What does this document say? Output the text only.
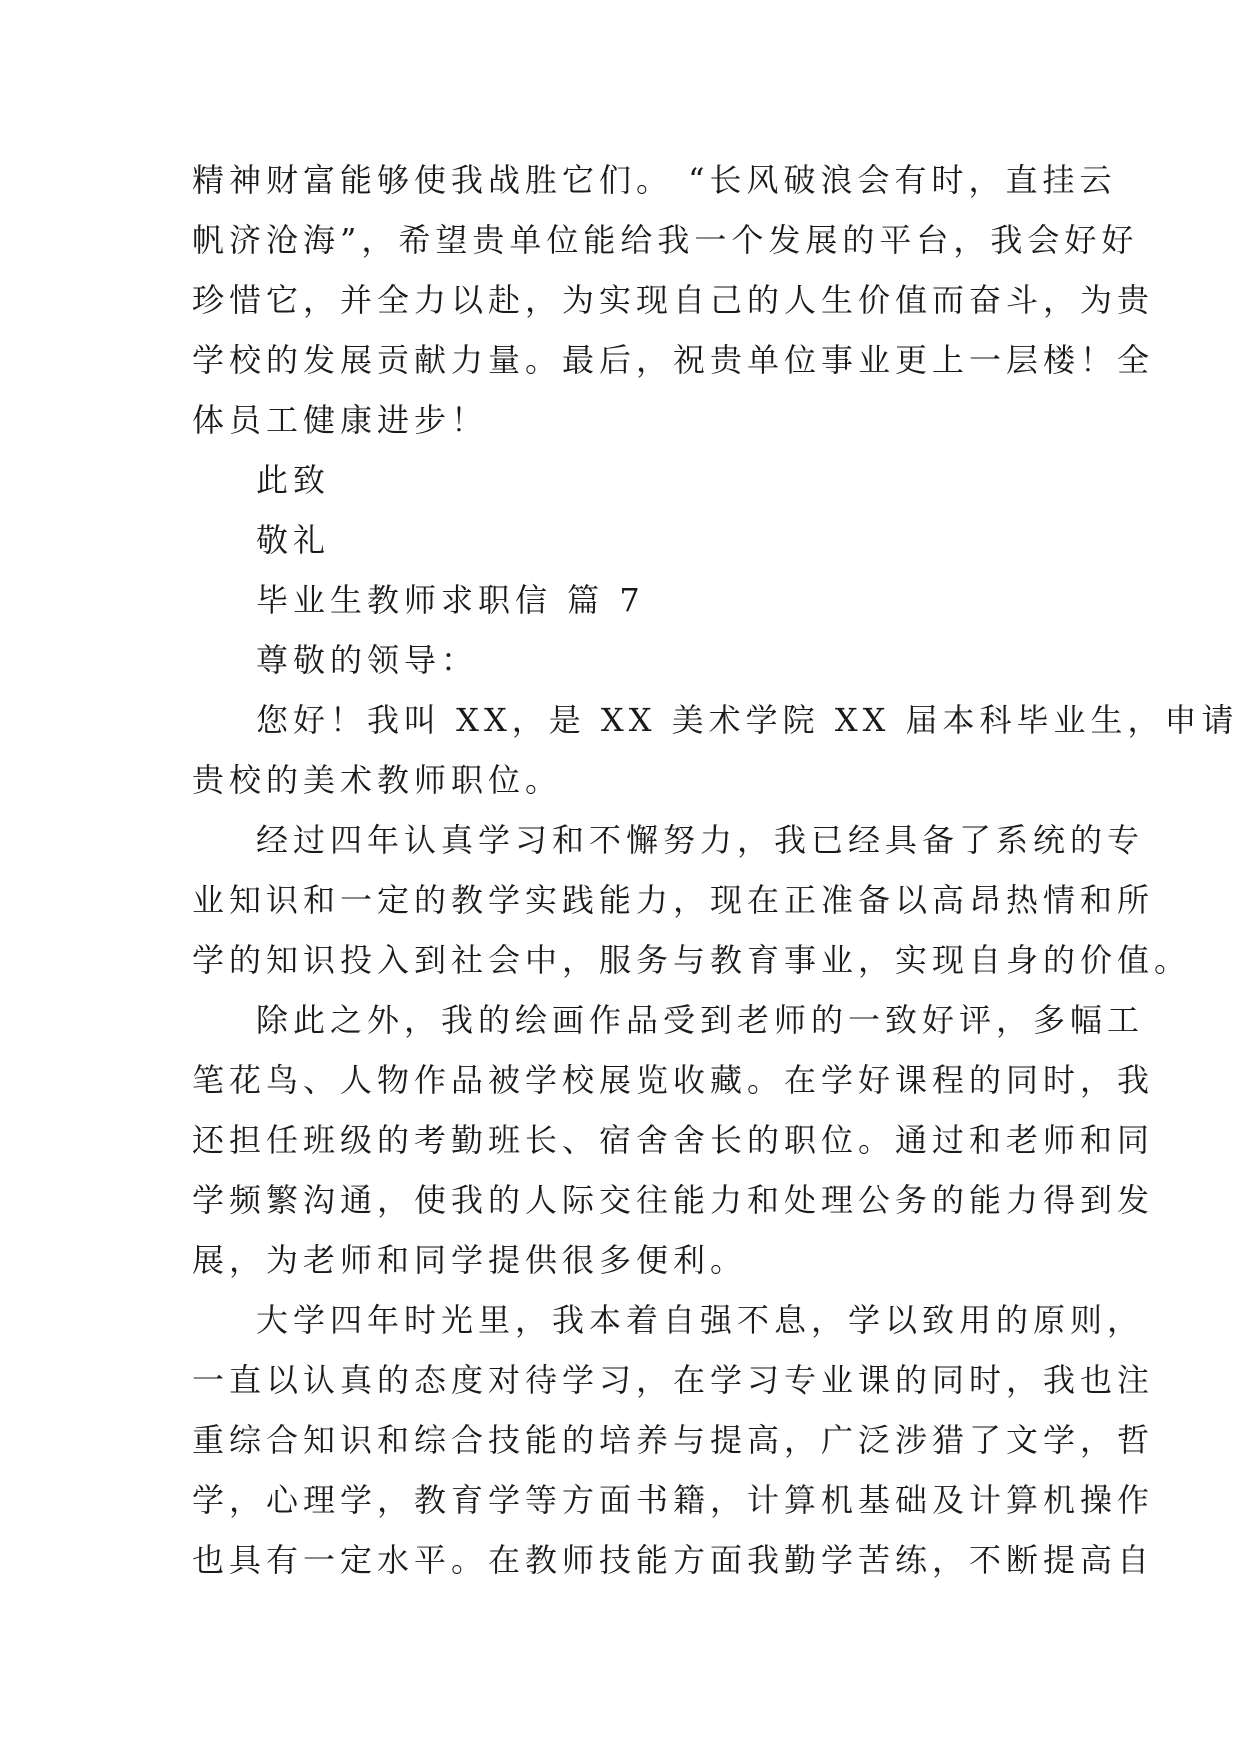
精神财富能够使我战胜它们。 “长风破浪会有时，直挂云
帆济沧海”，希望贵单位能给我一个发展的平台，我会好好
珍惜它，并全力以赴，为实现自己的人生价值而奋斗，为贵
学校的发展贡献力量。最后，祝贵单位事业更上一层楼！全
体员工健康进步！
此致
敬礼
毕业生教师求职信 篇 7
尊敬的领导：
您好！我叫 XX，是 XX 美术学院 XX 届本科毕业生，申请
贵校的美术教师职位。
经过四年认真学习和不懈努力，我已经具备了系统的专
业知识和一定的教学实践能力，现在正准备以高昂热情和所
学的知识投入到社会中，服务与教育事业，实现自身的价值。
除此之外，我的绘画作品受到老师的一致好评，多幅工
笔花鸟、人物作品被学校展览收藏。在学好课程的同时，我
还担任班级的考勤班长、宿舍舍长的职位。通过和老师和同
学频繁沟通，使我的人际交往能力和处理公务的能力得到发
展，为老师和同学提供很多便利。
大学四年时光里，我本着自强不息，学以致用的原则，
一直以认真的态度对待学习，在学习专业课的同时，我也注
重综合知识和综合技能的培养与提高，广泛涉猎了文学，哲
学，心理学，教育学等方面书籍，计算机基础及计算机操作
也具有一定水平。在教师技能方面我勤学苦练，不断提高自
